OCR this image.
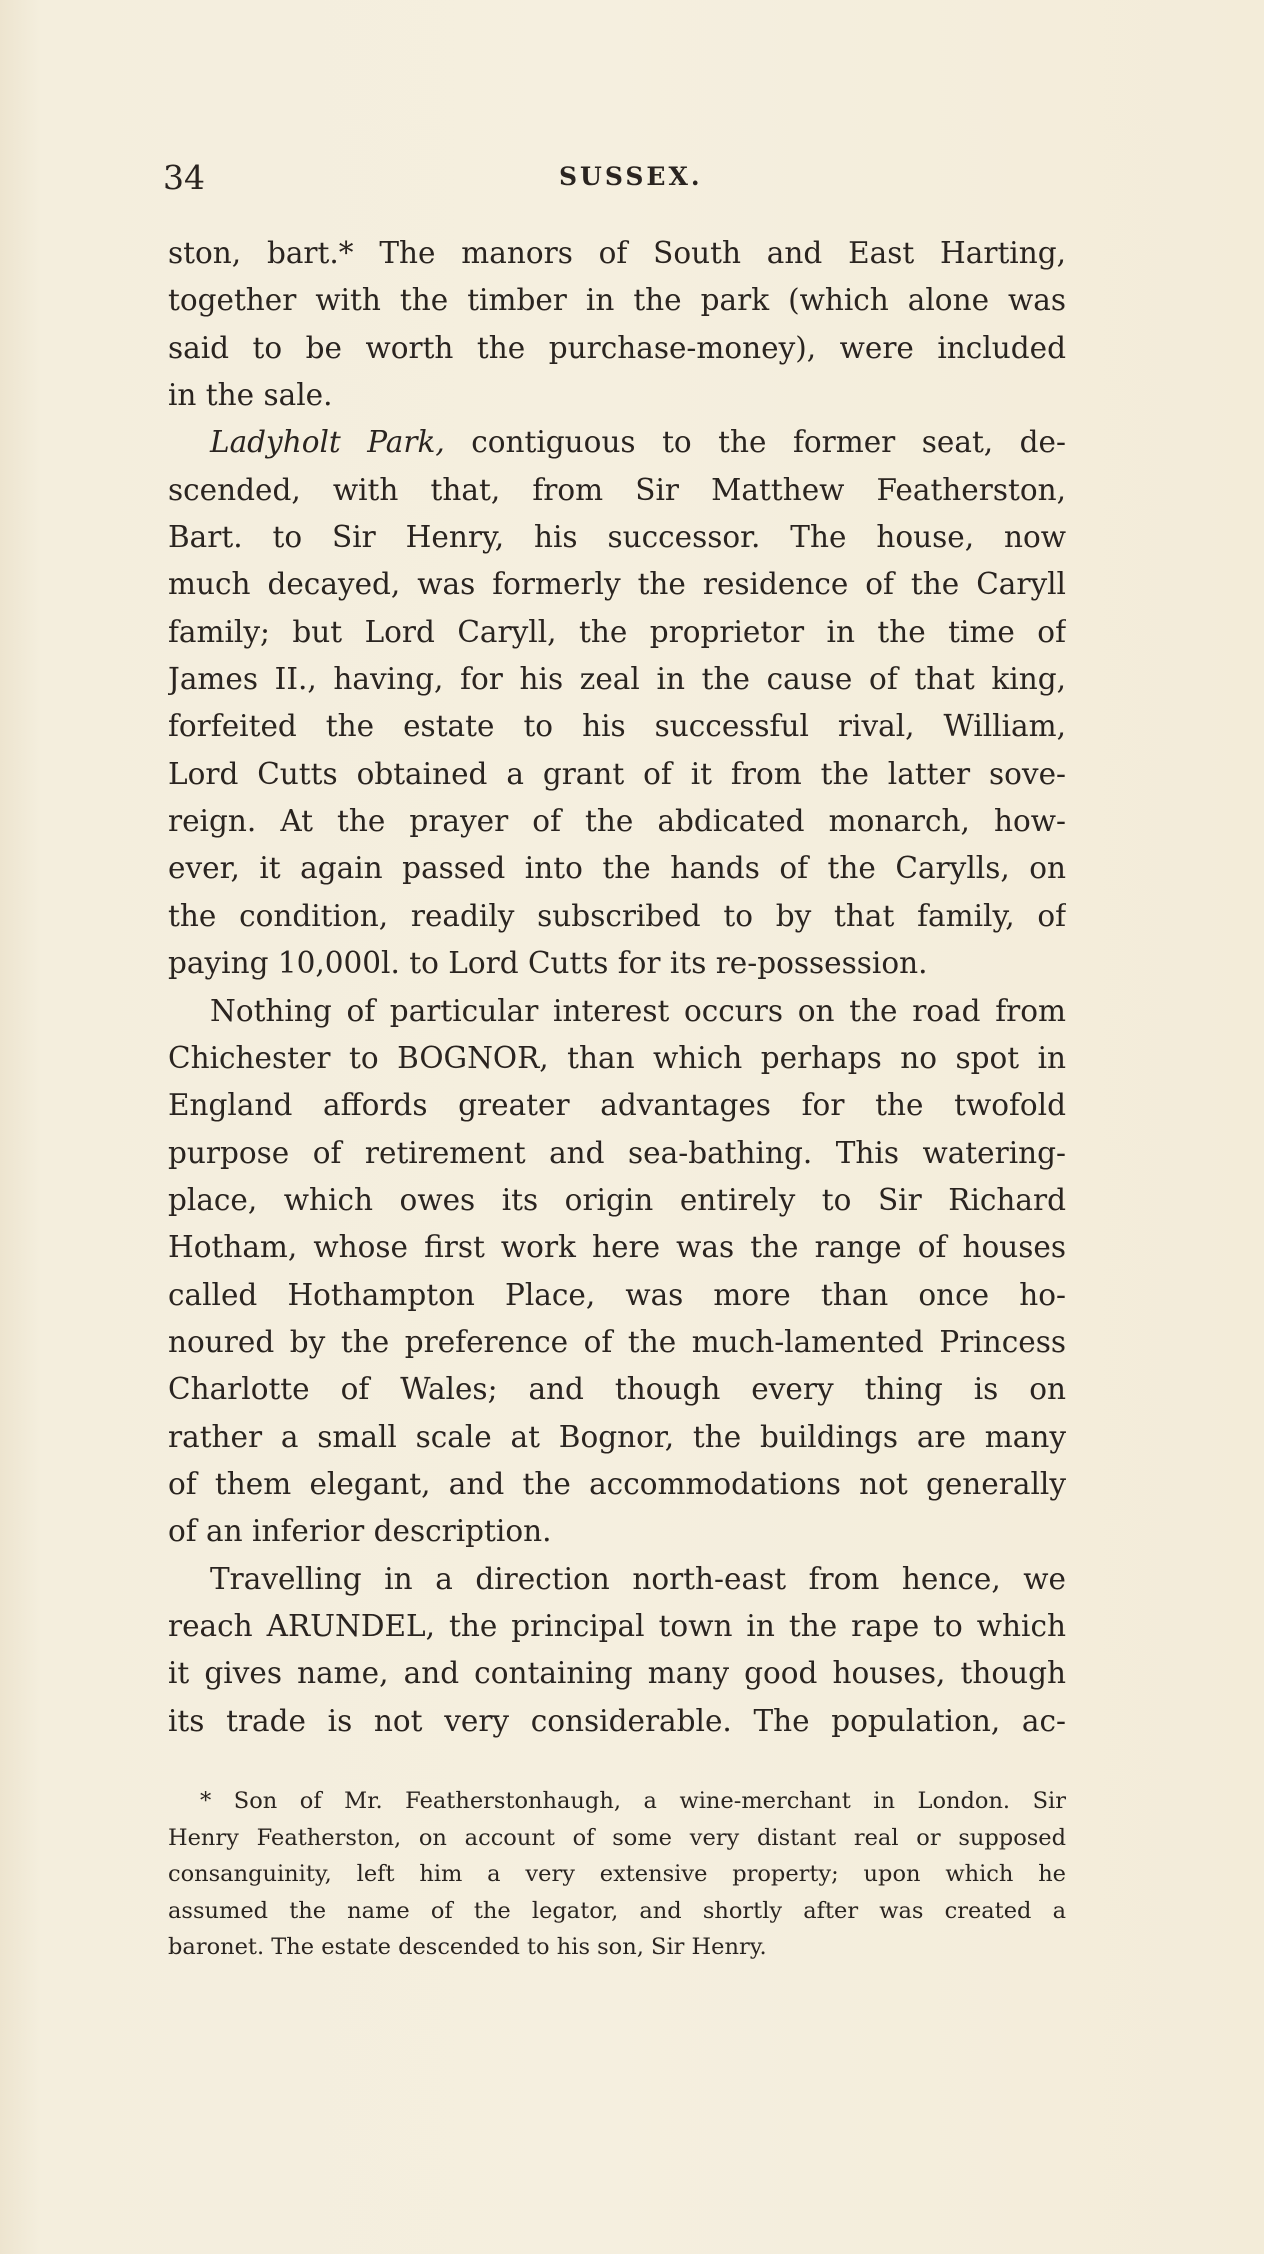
34	SUSSEX.
ston, bart.* The manors of South and East Harting,
together with the timber in the park (which alone was
said to be worth the purchase-money), were included
in the sale.
Ladyholt Park, contiguous to the former seat, de-
scended, with that, from Sir Matthew Featherston,
Bart. to Sir Henry, his successor. The house, now
much decayed, was formerly the residence of the Caryll
family; but Lord Caryll, the proprietor in the time of
James II., having, for his zeal in the cause of that king,
forfeited the estate to his successful rival, William,
Lord Cutts obtained a grant of it from the latter sove-
reign. At the prayer of the abdicated monarch, how-
ever, it again passed into the hands of the Carylls, on
the condition, readily subscribed to by that family, of
paying 10,000l. to Lord Cutts for its re-possession.
Nothing of particular interest occurs on the road from
Chichester to BOGNOR, than which perhaps no spot in
England affords greater advantages for the twofold
purpose of retirement and sea-bathing. This watering-
place, which owes its origin entirely to Sir Richard
Hotham, whose first work here was the range of houses
called Hothampton Place, was more than once ho-
noured by the preference of the much-lamented Princess
Charlotte of Wales; and though every thing is on
rather a small scale at Bognor, the buildings are many
of them elegant, and the accommodations not generally
of an inferior description.
Travelling in a direction north-east from hence, we
reach ARUNDEL, the principal town in the rape to which
it gives name, and containing many good houses, though
its trade is not very considerable. The population, ac-
* Son of Mr. Featherstonhaugh, a wine-merchant in London. Sir
Henry Featherston, on account of some very distant real or supposed
consanguinity, left him a very extensive property; upon which he
assumed the name of the legator, and shortly after was created a
baronet. The estate descended to his son, Sir Henry.
